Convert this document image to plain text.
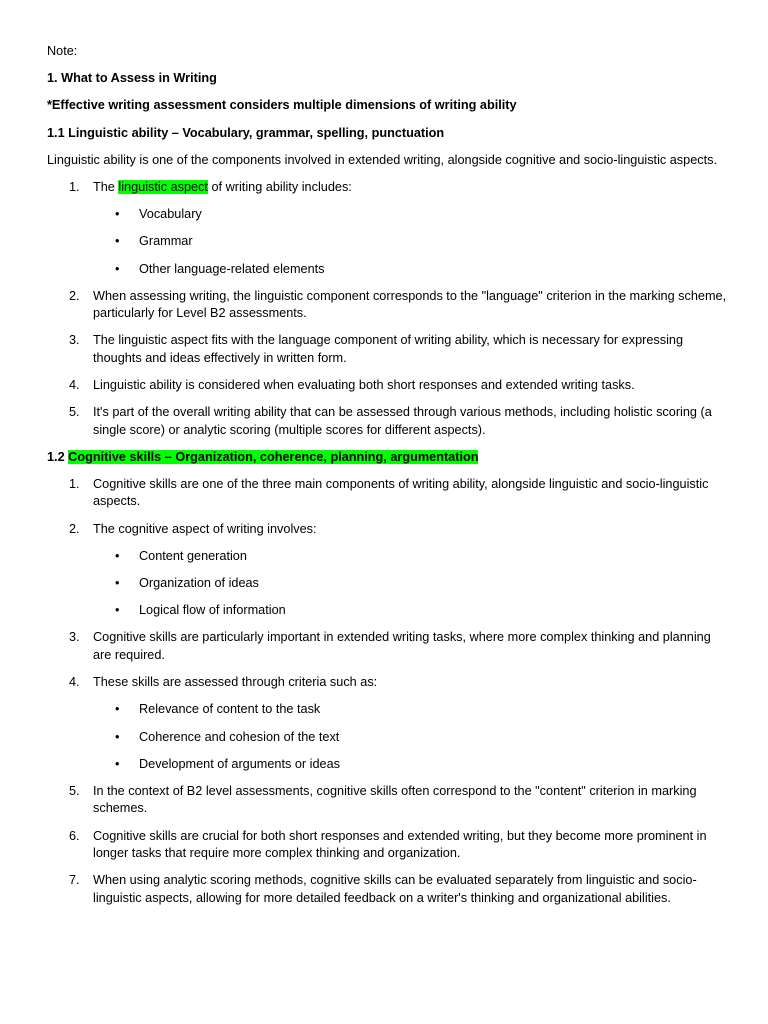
Note:

1. What to Assess in Writing

*Effective writing assessment considers multiple dimensions of writing ability

1.1 Linguistic ability – Vocabulary, grammar, spelling, punctuation

Linguistic ability is one of the components involved in extended writing, alongside cognitive and socio-linguistic aspects.

1. The linguistic aspect of writing ability includes:
• Vocabulary
• Grammar
• Other language-related elements
2. When assessing writing, the linguistic component corresponds to the "language" criterion in the marking scheme, particularly for Level B2 assessments.
3. The linguistic aspect fits with the language component of writing ability, which is necessary for expressing thoughts and ideas effectively in written form.
4. Linguistic ability is considered when evaluating both short responses and extended writing tasks.
5. It's part of the overall writing ability that can be assessed through various methods, including holistic scoring (a single score) or analytic scoring (multiple scores for different aspects).

1.2 Cognitive skills – Organization, coherence, planning, argumentation

1. Cognitive skills are one of the three main components of writing ability, alongside linguistic and socio-linguistic aspects.
2. The cognitive aspect of writing involves:
• Content generation
• Organization of ideas
• Logical flow of information
3. Cognitive skills are particularly important in extended writing tasks, where more complex thinking and planning are required.
4. These skills are assessed through criteria such as:
• Relevance of content to the task
• Coherence and cohesion of the text
• Development of arguments or ideas
5. In the context of B2 level assessments, cognitive skills often correspond to the "content" criterion in marking schemes.
6. Cognitive skills are crucial for both short responses and extended writing, but they become more prominent in longer tasks that require more complex thinking and organization.
7. When using analytic scoring methods, cognitive skills can be evaluated separately from linguistic and socio-linguistic aspects, allowing for more detailed feedback on a writer's thinking and organizational abilities.
